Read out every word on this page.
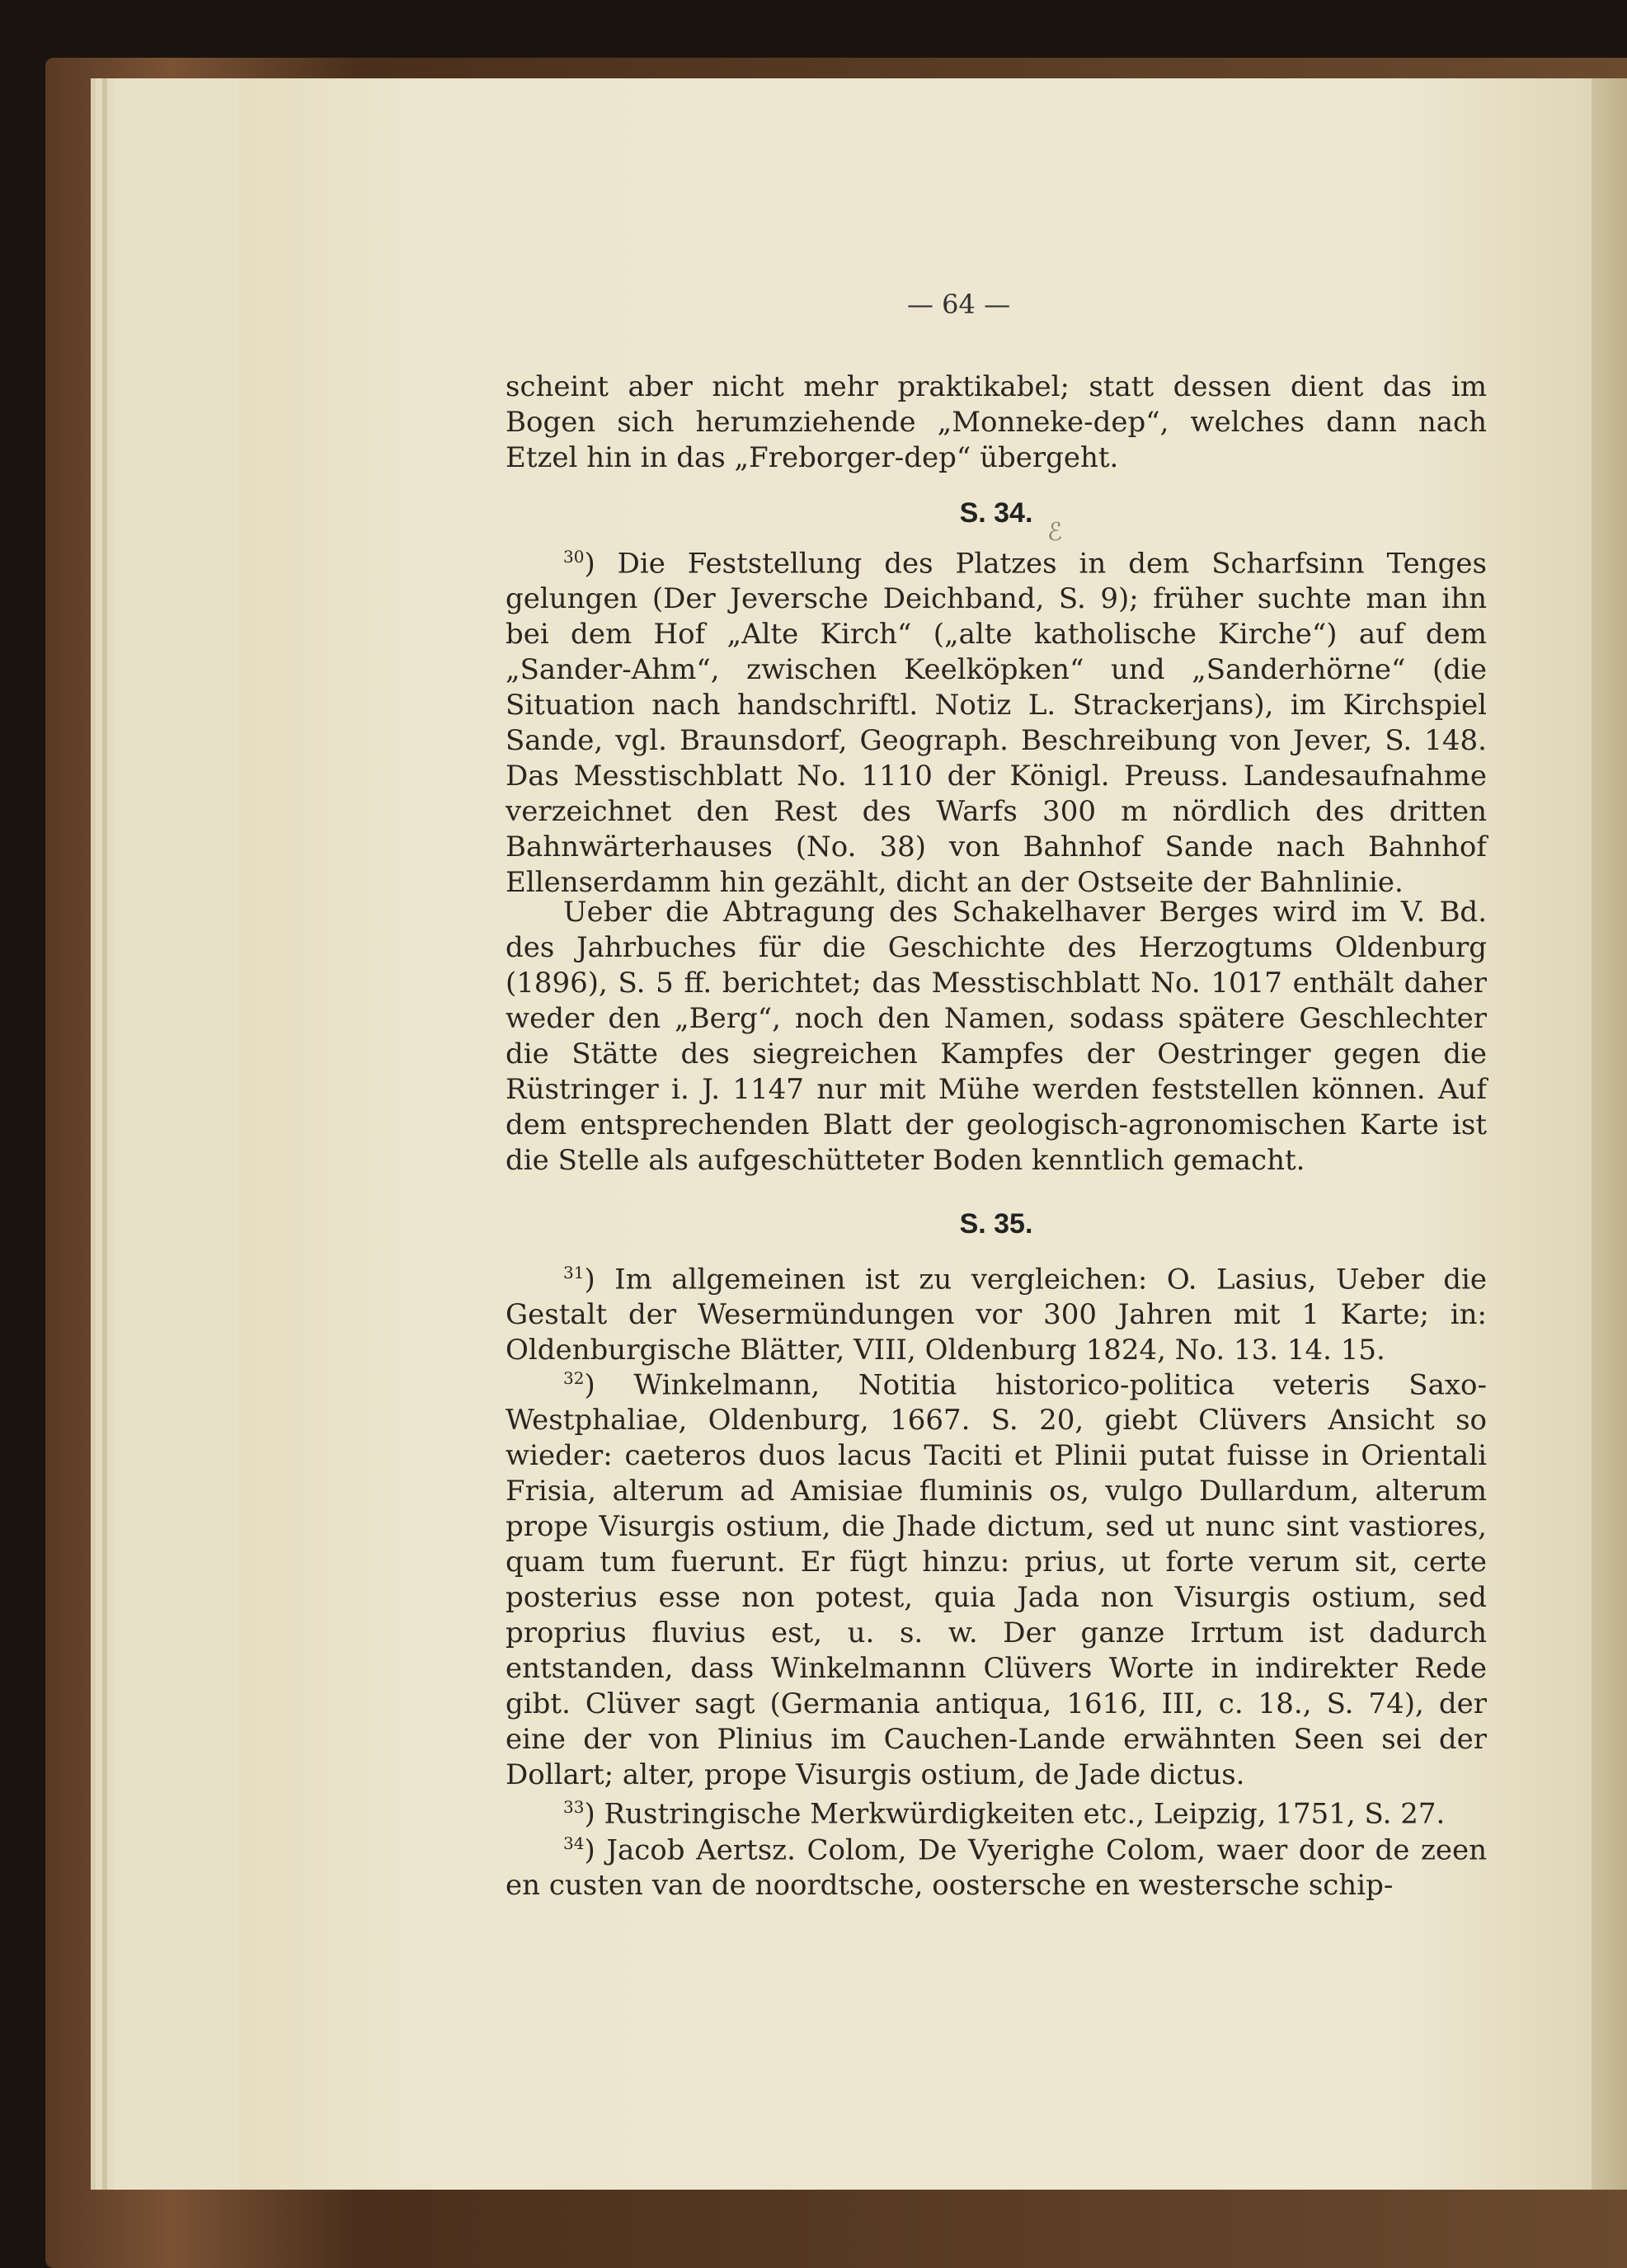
— 64 —
scheint aber nicht mehr praktikabel; statt dessen dient das im Bogen sich herumziehende „Monneke-dep“, welches dann nach Etzel hin in das „Freborger-dep“ übergeht.
S. 34.
ℰ
$^{30}$) Die Feststellung des Platzes in dem Scharfsinn Tenges gelungen (Der Jeversche Deichband, S. 9); früher suchte man ihn bei dem Hof „Alte Kirch“ („alte katholische Kirche“) auf dem „Sander-Ahm“, zwischen Keelköpken“ und „Sanderhörne“ (die Situation nach handschriftl. Notiz L. Strackerjans), im Kirchspiel Sande, vgl. Braunsdorf, Geograph. Beschreibung von Jever, S. 148. Das Messtischblatt No. 1110 der Königl. Preuss. Landesaufnahme verzeichnet den Rest des Warfs 300 m nördlich des dritten Bahnwärterhauses (No. 38) von Bahnhof Sande nach Bahnhof Ellenserdamm hin gezählt, dicht an der Ostseite der Bahnlinie.
Ueber die Abtragung des Schakelhaver Berges wird im V. Bd. des Jahrbuches für die Geschichte des Herzogtums Oldenburg (1896), S. 5 ff. berichtet; das Messtischblatt No. 1017 enthält daher weder den „Berg“, noch den Namen, sodass spätere Geschlechter die Stätte des siegreichen Kampfes der Oestringer gegen die Rüstringer i. J. 1147 nur mit Mühe werden feststellen können. Auf dem entsprechenden Blatt der geologisch-agronomischen Karte ist die Stelle als aufgeschütteter Boden kenntlich gemacht.
S. 35.
$^{31}$) Im allgemeinen ist zu vergleichen: O. Lasius, Ueber die Gestalt der Wesermündungen vor 300 Jahren mit 1 Karte; in: Oldenburgische Blätter, VIII, Oldenburg 1824, No. 13. 14. 15.
$^{32}$) Winkelmann, Notitia historico-politica veteris Saxo-Westphaliae, Oldenburg, 1667. S. 20, giebt Clüvers Ansicht so wieder: caeteros duos lacus Taciti et Plinii putat fuisse in Orientali Frisia, alterum ad Amisiae fluminis os, vulgo Dullardum, alterum prope Visurgis ostium, die Jhade dictum, sed ut nunc sint vastiores, quam tum fuerunt. Er fügt hinzu: prius, ut forte verum sit, certe posterius esse non potest, quia Jada non Visurgis ostium, sed proprius fluvius est, u. s. w. Der ganze Irrtum ist dadurch entstanden, dass Winkelmannn Clüvers Worte in indirekter Rede gibt. Clüver sagt (Germania antiqua, 1616, III, c. 18., S. 74), der eine der von Plinius im Cauchen-Lande erwähnten Seen sei der Dollart; alter, prope Visurgis ostium, de Jade dictus.
$^{33}$) Rustringische Merkwürdigkeiten etc., Leipzig, 1751, S. 27.
$^{34}$) Jacob Aertsz. Colom, De Vyerighe Colom, waer door de zeen en custen van de noordtsche, oostersche en westersche schip-
